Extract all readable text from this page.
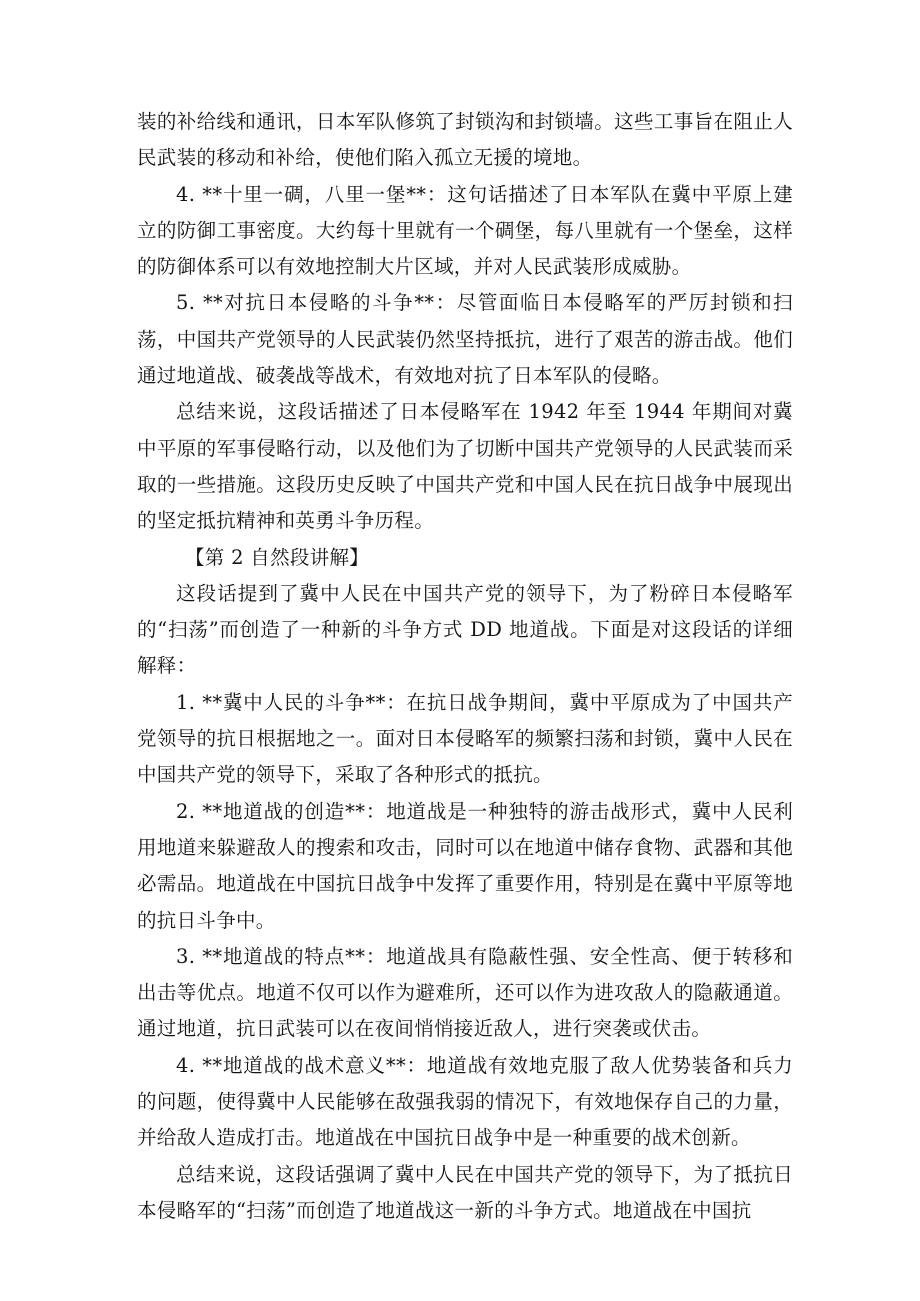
装的补给线和通讯，日本军队修筑了封锁沟和封锁墙。这些工事旨在阻止人民武装的移动和补给，使他们陷入孤立无援的境地。

4. **十里一碉，八里一堡**：这句话描述了日本军队在冀中平原上建立的防御工事密度。大约每十里就有一个碉堡，每八里就有一个堡垒，这样的防御体系可以有效地控制大片区域，并对人民武装形成威胁。

5. **对抗日本侵略的斗争**：尽管面临日本侵略军的严厉封锁和扫荡，中国共产党领导的人民武装仍然坚持抵抗，进行了艰苦的游击战。他们通过地道战、破袭战等战术，有效地对抗了日本军队的侵略。

总结来说，这段话描述了日本侵略军在 1942 年至 1944 年期间对冀中平原的军事侵略行动，以及他们为了切断中国共产党领导的人民武装而采取的一些措施。这段历史反映了中国共产党和中国人民在抗日战争中展现出的坚定抵抗精神和英勇斗争历程。

【第 2 自然段讲解】

这段话提到了冀中人民在中国共产党的领导下，为了粉碎日本侵略军的“扫荡”而创造了一种新的斗争方式 DD 地道战。下面是对这段话的详细解释：

1. **冀中人民的斗争**：在抗日战争期间，冀中平原成为了中国共产党领导的抗日根据地之一。面对日本侵略军的频繁扫荡和封锁，冀中人民在中国共产党的领导下，采取了各种形式的抵抗。

2. **地道战的创造**：地道战是一种独特的游击战形式，冀中人民利用地道来躲避敌人的搜索和攻击，同时可以在地道中储存食物、武器和其他必需品。地道战在中国抗日战争中发挥了重要作用，特别是在冀中平原等地的抗日斗争中。

3. **地道战的特点**：地道战具有隐蔽性强、安全性高、便于转移和出击等优点。地道不仅可以作为避难所，还可以作为进攻敌人的隐蔽通道。通过地道，抗日武装可以在夜间悄悄接近敌人，进行突袭或伏击。

4. **地道战的战术意义**：地道战有效地克服了敌人优势装备和兵力的问题，使得冀中人民能够在敌强我弱的情况下，有效地保存自己的力量，并给敌人造成打击。地道战在中国抗日战争中是一种重要的战术创新。

总结来说，这段话强调了冀中人民在中国共产党的领导下，为了抵抗日本侵略军的“扫荡”而创造了地道战这一新的斗争方式。地道战在中国抗
